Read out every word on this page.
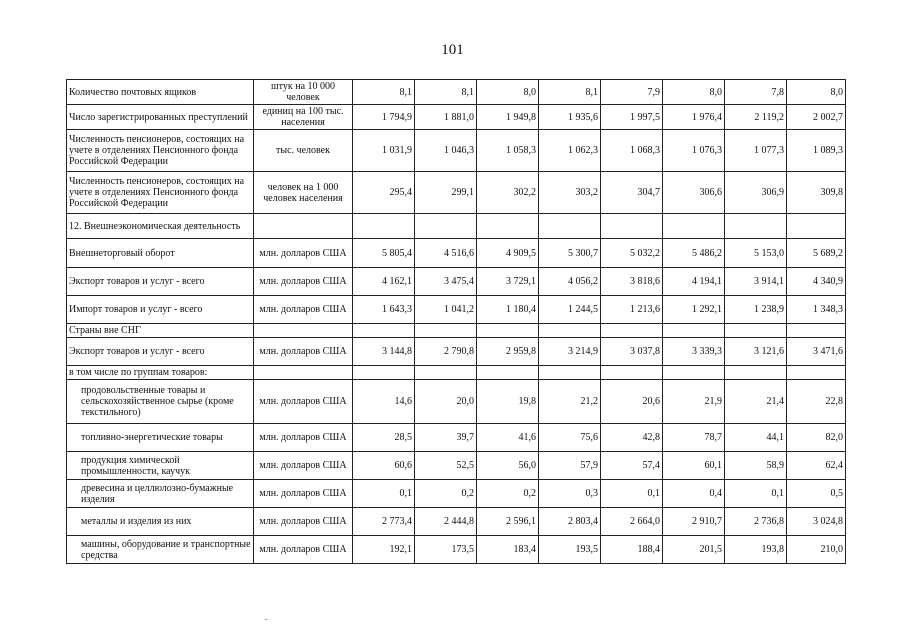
101
Количество почтовых ящиков	штук на 10 000 человек	8,1	8,1	8,0	8,1	7,9	8,0	7,8	8,0
Число зарегистрированных преступлений	единиц на 100 тыс. населения	1 794,9	1 881,0	1 949,8	1 935,6	1 997,5	1 976,4	2 119,2	2 002,7
Численность пенсионеров, состоящих на учете в отделениях Пенсионного фонда Российской Федерации	тыс. человек	1 031,9	1 046,3	1 058,3	1 062,3	1 068,3	1 076,3	1 077,3	1 089,3
Численность пенсионеров, состоящих на учете в отделениях Пенсионного фонда Российской Федерации	человек на 1 000 человек населения	295,4	299,1	302,2	303,2	304,7	306,6	306,9	309,8
12. Внешнеэкономическая деятельность									
Внешнеторговый оборот	млн. долларов США	5 805,4	4 516,6	4 909,5	5 300,7	5 032,2	5 486,2	5 153,0	5 689,2
Экспорт товаров и услуг - всего	млн. долларов США	4 162,1	3 475,4	3 729,1	4 056,2	3 818,6	4 194,1	3 914,1	4 340,9
Импорт товаров и услуг - всего	млн. долларов США	1 643,3	1 041,2	1 180,4	1 244,5	1 213,6	1 292,1	1 238,9	1 348,3
Страны вне СНГ									
Экспорт товаров и услуг - всего	млн. долларов США	3 144,8	2 790,8	2 959,8	3 214,9	3 037,8	3 339,3	3 121,6	3 471,6
в том числе по группам товаров:									
продовольственные товары и сельскохозяйственное сырье (кроме текстильного)	млн. долларов США	14,6	20,0	19,8	21,2	20,6	21,9	21,4	22,8
топливно-энергетические товары	млн. долларов США	28,5	39,7	41,6	75,6	42,8	78,7	44,1	82,0
продукция химической промышленности, каучук	млн. долларов США	60,6	52,5	56,0	57,9	57,4	60,1	58,9	62,4
древесина и целлюлозно-бумажные изделия	млн. долларов США	0,1	0,2	0,2	0,3	0,1	0,4	0,1	0,5
металлы и изделия из них	млн. долларов США	2 773,4	2 444,8	2 596,1	2 803,4	2 664,0	2 910,7	2 736,8	3 024,8
машины, оборудование и транспортные средства	млн. долларов США	192,1	173,5	183,4	193,5	188,4	201,5	193,8	210,0
